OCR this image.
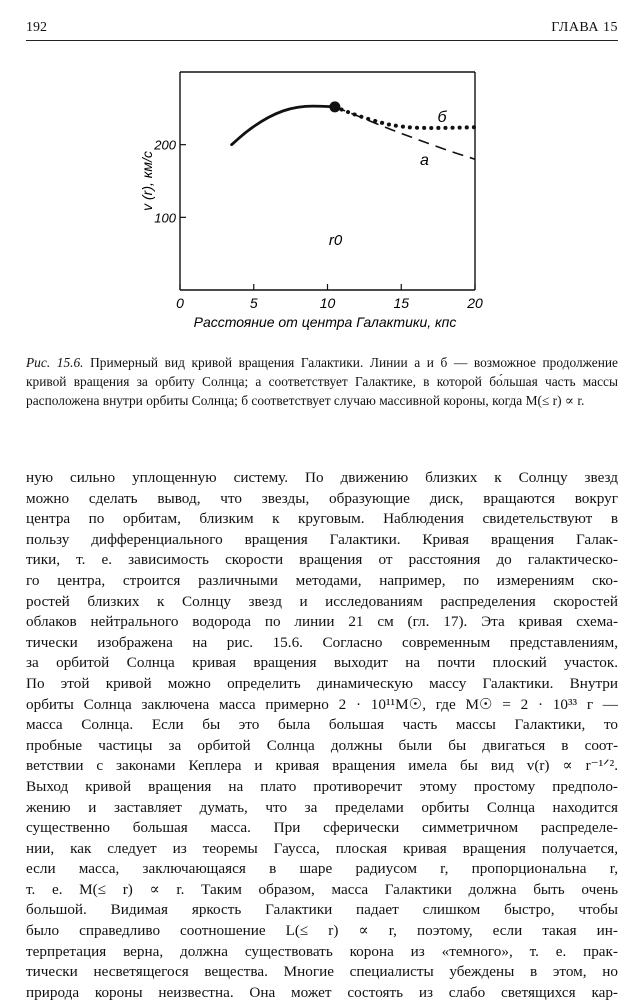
192	ГЛАВА 15
0	5	10	15	20
100
200
v (r), км/с
Расстояние от центра Галактики, кпс
r0
б
а
Рис. 15.6. Примерный вид кривой вращения Галактики. Линии а и б — возможное продолжение кривой вращения за орбиту Солнца; а соответствует Галактике, в которой бо́льшая часть массы расположена внутри орбиты Солнца; б соответствует случаю массивной короны, когда M(≤ r) ∝ r.

ную сильно уплощенную систему. По движению близких к Солнцу звезд

можно сделать вывод, что звезды, образующие диск, вращаются вокруг

центра по орбитам, близким к круговым. Наблюдения свидетельствуют в

пользу дифференциального вращения Галактики. Кривая вращения Галак-

тики, т. е. зависимость скорости вращения от расстояния до галактическо-

го центра, строится различными методами, например, по измерениям ско-

ростей близких к Солнцу звезд и исследованиям распределения скоростей

облаков нейтрального водорода по линии 21 см (гл. 17). Эта кривая схема-

тически изображена на рис. 15.6. Согласно современным представлениям,

за орбитой Солнца кривая вращения выходит на почти плоский участок.

По этой кривой можно определить динамическую массу Галактики. Внутри

орбиты Солнца заключена масса примерно 2 · 10¹¹M☉, где M☉ = 2 · 10³³ г —

масса Солнца. Если бы это была большая часть массы Галактики, то

пробные частицы за орбитой Солнца должны были бы двигаться в соот-

ветствии с законами Кеплера и кривая вращения имела бы вид v(r) ∝ r⁻¹ᐟ².

Выход кривой вращения на плато противоречит этому простому предполо-

жению и заставляет думать, что за пределами орбиты Солнца находится

существенно большая масса. При сферически симметричном распределе-

нии, как следует из теоремы Гаусса, плоская кривая вращения получается,

если масса, заключающаяся в шаре радиусом r, пропорциональна r,

т. е. M(≤ r) ∝ r. Таким образом, масса Галактики должна быть очень

большой. Видимая яркость Галактики падает слишком быстро, чтобы

было справедливо соотношение L(≤ r) ∝ r, поэтому, если такая ин-

терпретация верна, должна существовать корона из «темного», т. е. прак-

тически несветящегося вещества. Многие специалисты убеждены в этом, но

природа короны неизвестна. Она может состоять из слабо светящихся кар-
